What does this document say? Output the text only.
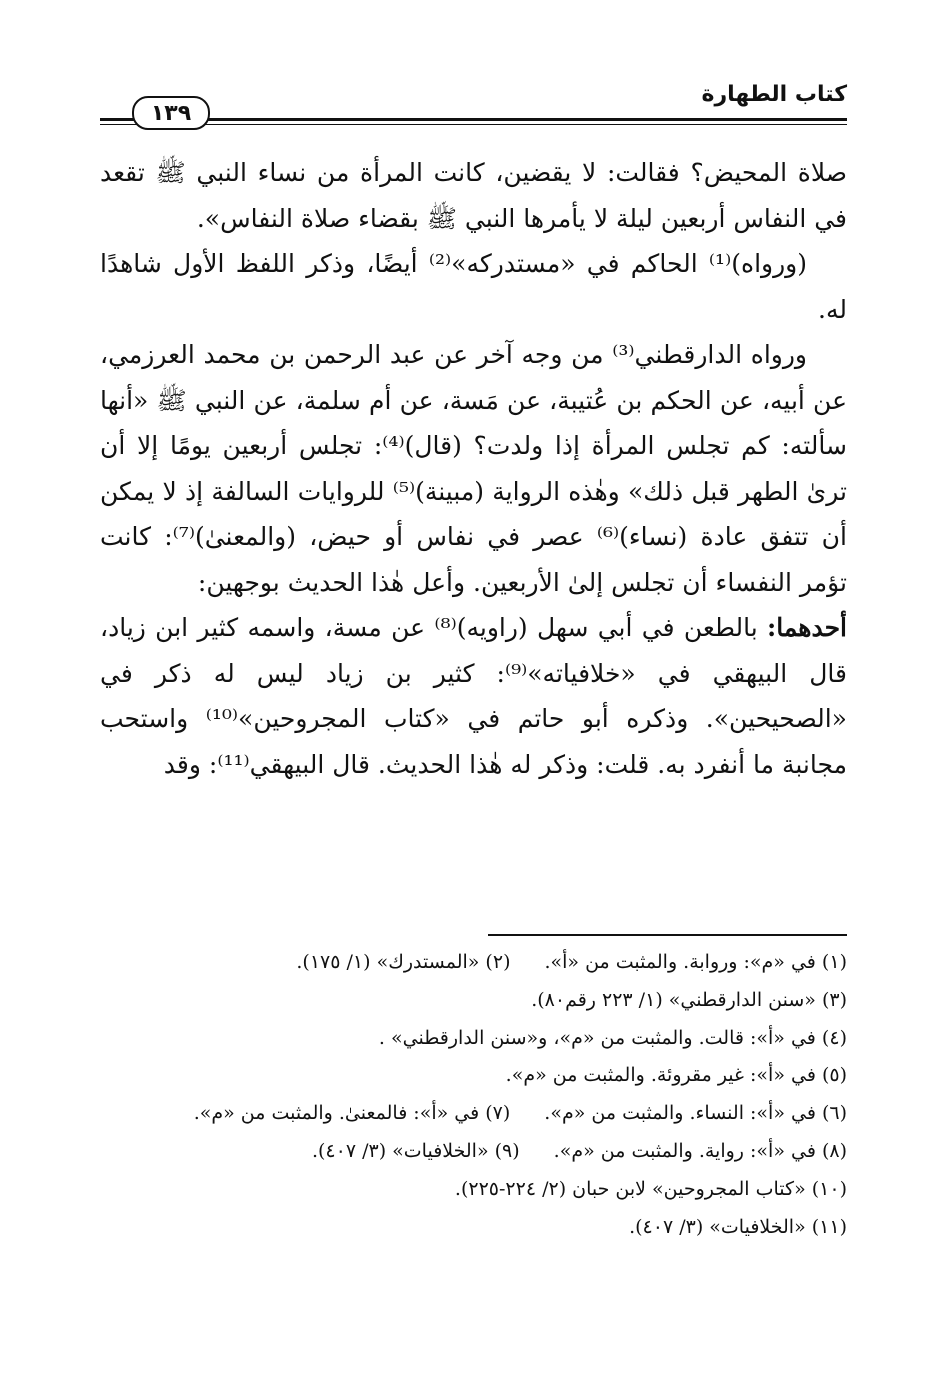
١٣٩
كتاب الطهارة

صلاة المحيض؟ فقالت: لا يقضين، كانت المرأة من نساء النبي ﷺ تقعد في النفاس أربعين ليلة لا يأمرها النبي ﷺ بقضاء صلاة النفاس».

(ورواه)⁽¹⁾ الحاكم في «مستدركه»⁽²⁾ أيضًا، وذكر اللفظ الأول شاهدًا له.

ورواه الدارقطني⁽³⁾ من وجه آخر عن عبد الرحمن بن محمد العرزمي، عن أبيه، عن الحكم بن عُتيبة، عن مَسة، عن أم سلمة، عن النبي ﷺ «أنها سألته: كم تجلس المرأة إذا ولدت؟ (قال)⁽⁴⁾: تجلس أربعين يومًا إلا أن ترىٰ الطهر قبل ذلك» وهٰذه الرواية (مبينة)⁽⁵⁾ للروايات السالفة إذ لا يمكن أن تتفق عادة (نساء)⁽⁶⁾ عصر في نفاس أو حيض، (والمعنىٰ)⁽⁷⁾: كانت تؤمر النفساء أن تجلس إلىٰ الأربعين. وأعل هٰذا الحديث بوجهين:

أحدهما: بالطعن في أبي سهل (راويه)⁽⁸⁾ عن مسة، واسمه كثير ابن زياد، قال البيهقي في «خلافياته»⁽⁹⁾: كثير بن زياد ليس له ذكر في «الصحيحين». وذكره أبو حاتم في «كتاب المجروحين»⁽¹⁰⁾ واستحب مجانبة ما أنفرد به. قلت: وذكر له هٰذا الحديث. قال البيهقي⁽¹¹⁾: وقد

(١) في «م»: وروابة. والمثبت من «أ».(٢) «المستدرك» (١/ ١٧٥).
(٣) «سنن الدارقطني» (١/ ٢٢٣ رقم٨٠).
(٤) في «أ»: قالت. والمثبت من «م»، و«سنن الدارقطني» .
(٥) في «أ»: غير مقروئة. والمثبت من «م».
(٦) في «أ»: النساء. والمثبت من «م».(٧) في «أ»: فالمعنىٰ. والمثبت من «م».
(٨) في «أ»: رواية. والمثبت من «م».(٩) «الخلافيات» (٣/ ٤٠٧).
(١٠) «كتاب المجروحين» لابن حبان (٢/ ٢٢٤-٢٢٥).
(١١) «الخلافيات» (٣/ ٤٠٧).
